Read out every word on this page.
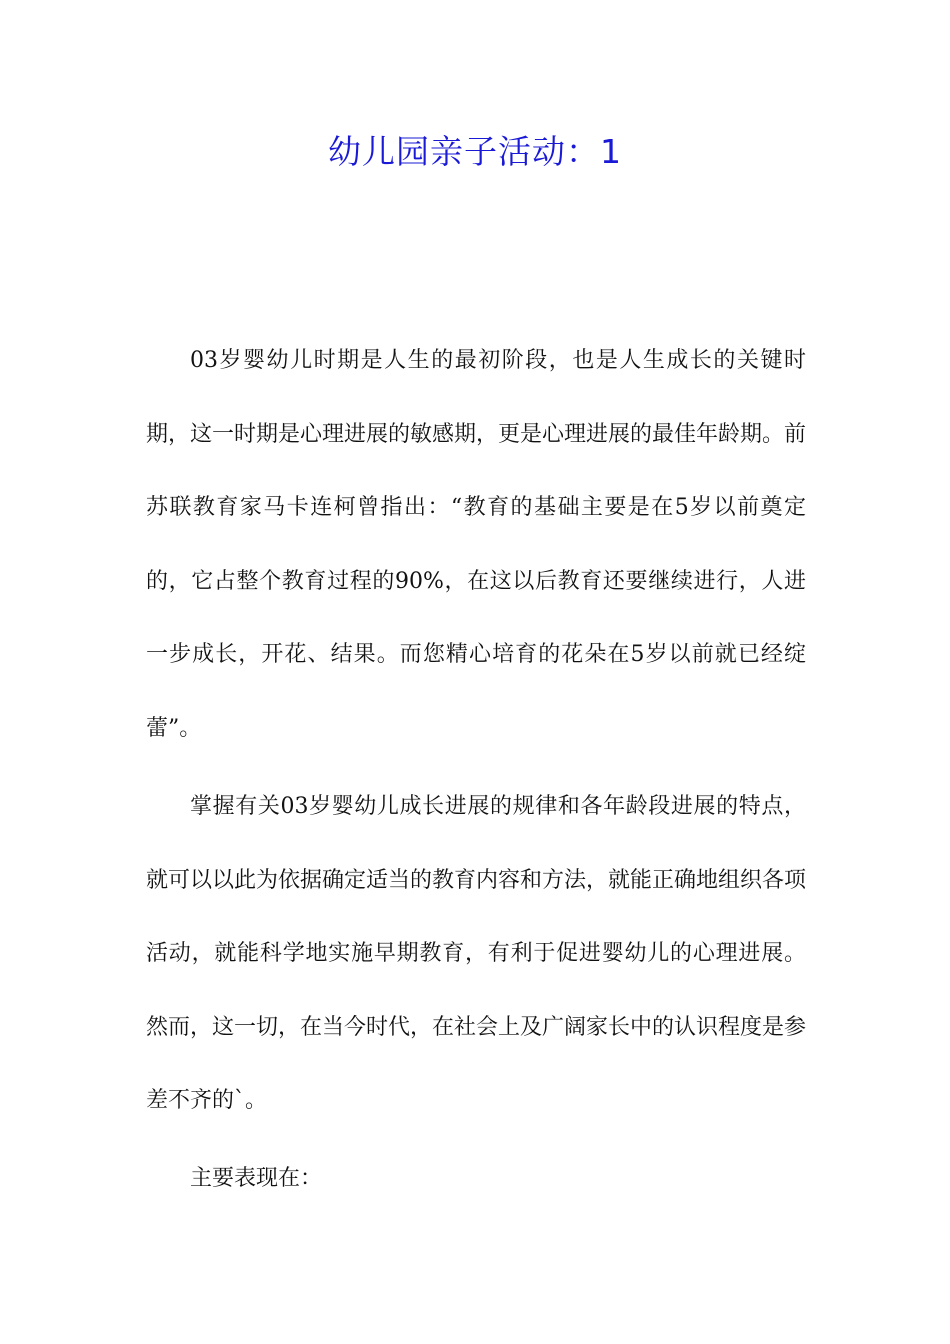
幼儿园亲子活动：1

03岁婴幼儿时期是人生的最初阶段，也是人生成长的关键时期，这一时期是心理进展的敏感期，更是心理进展的最佳年龄期。前苏联教育家马卡连柯曾指出：“教育的基础主要是在5岁以前奠定的，它占整个教育过程的90%，在这以后教育还要继续进行，人进一步成长，开花、结果。而您精心培育的花朵在5岁以前就已经绽蕾”。

掌握有关03岁婴幼儿成长进展的规律和各年龄段进展的特点，就可以以此为依据确定适当的教育内容和方法，就能正确地组织各项活动，就能科学地实施早期教育，有利于促进婴幼儿的心理进展。 然而，这一切，在当今时代，在社会上及广阔家长中的认识程度是参差不齐的`。

主要表现在：
